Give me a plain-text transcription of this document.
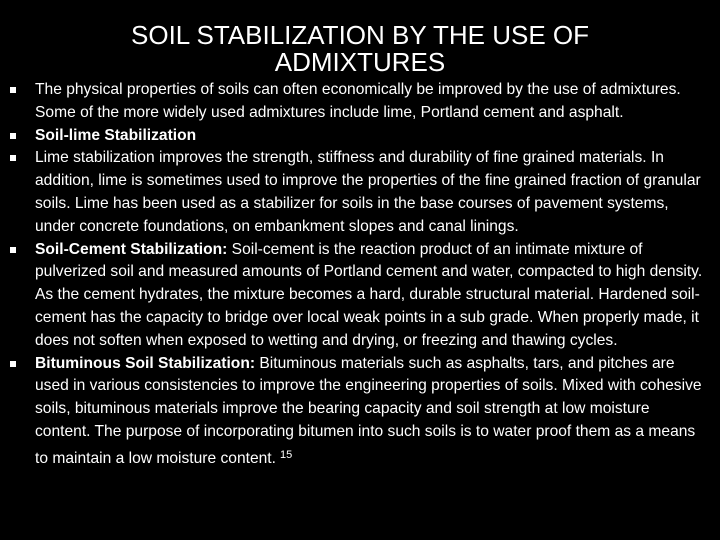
SOIL STABILIZATION BY THE USE OF
ADMIXTURES
The physical properties of soils can often economically be improved by the use of admixtures. Some of the more widely used admixtures include lime, Portland cement and asphalt.
Soil-lime Stabilization
Lime stabilization improves the strength, stiffness and durability of fine grained materials. In addition, lime is sometimes used to improve the properties of the fine grained fraction of granular soils. Lime has been used as a stabilizer for soils in the base courses of pavement systems, under concrete foundations, on embankment slopes and canal linings.
Soil-Cement Stabilization: Soil-cement is the reaction product of an intimate mixture of pulverized soil and measured amounts of Portland cement and water, compacted to high density. As the cement hydrates, the mixture becomes a hard, durable structural material. Hardened soil-cement has the capacity to bridge over local weak points in a sub grade. When properly made, it does not soften when exposed to wetting and drying, or freezing and thawing cycles.
Bituminous Soil Stabilization: Bituminous materials such as asphalts, tars, and pitches are used in various consistencies to improve the engineering properties of soils. Mixed with cohesive soils, bituminous materials improve the bearing capacity and soil strength at low moisture content. The purpose of incorporating bitumen into such soils is to water proof them as a means to maintain a low moisture content. $^{15}$
